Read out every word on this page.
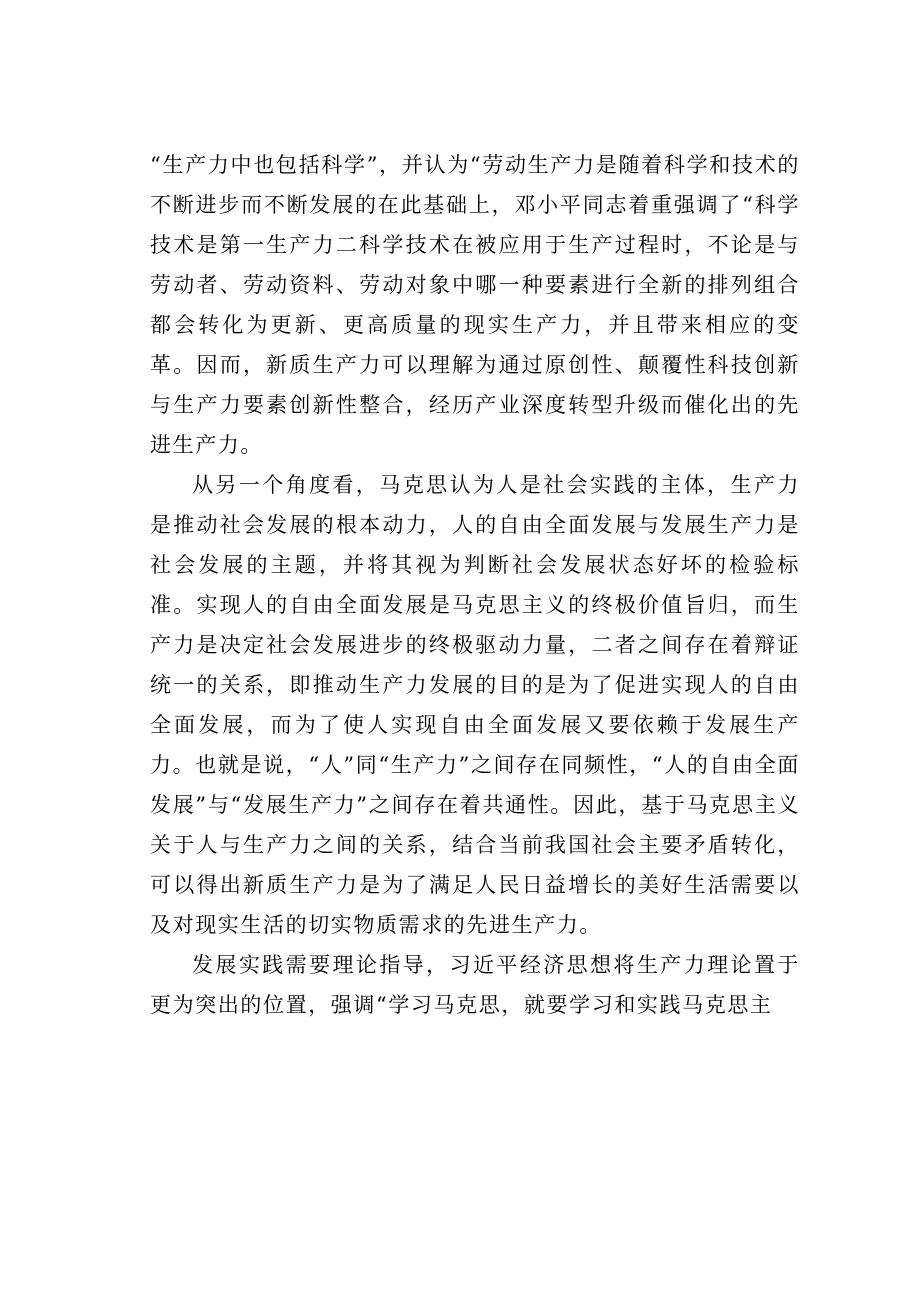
“生产力中也包括科学”，并认为“劳动生产力是随着科学和技术的不断进步而不断发展的在此基础上，邓小平同志着重强调了“科学技术是第一生产力二科学技术在被应用于生产过程时，不论是与劳动者、劳动资料、劳动对象中哪一种要素进行全新的排列组合都会转化为更新、更高质量的现实生产力，并且带来相应的变革。因而，新质生产力可以理解为通过原创性、颠覆性科技创新与生产力要素创新性整合，经历产业深度转型升级而催化出的先进生产力。

从另一个角度看，马克思认为人是社会实践的主体，生产力是推动社会发展的根本动力，人的自由全面发展与发展生产力是社会发展的主题，并将其视为判断社会发展状态好坏的检验标准。实现人的自由全面发展是马克思主义的终极价值旨归，而生产力是决定社会发展进步的终极驱动力量，二者之间存在着辩证统一的关系，即推动生产力发展的目的是为了促进实现人的自由全面发展，而为了使人实现自由全面发展又要依赖于发展生产力。也就是说，“人”同“生产力”之间存在同频性，“人的自由全面发展”与“发展生产力”之间存在着共通性。因此，基于马克思主义关于人与生产力之间的关系，结合当前我国社会主要矛盾转化，可以得出新质生产力是为了满足人民日益增长的美好生活需要以及对现实生活的切实物质需求的先进生产力。

发展实践需要理论指导，习近平经济思想将生产力理论置于更为突出的位置，强调“学习马克思，就要学习和实践马克思主
